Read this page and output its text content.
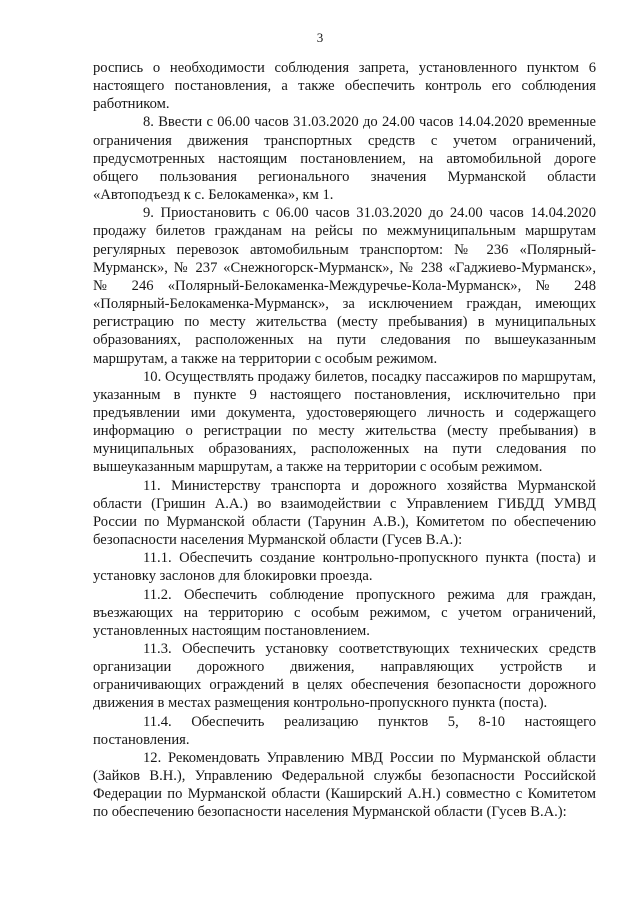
3

роспись о необходимости соблюдения запрета, установленного пунктом 6 настоящего постановления, а также обеспечить контроль его соблюдения работником.

8. Ввести с 06.00 часов 31.03.2020 до 24.00 часов 14.04.2020 временные ограничения движения транспортных средств с учетом ограничений, предусмотренных настоящим постановлением, на автомобильной дороге общего пользования регионального значения Мурманской области «Автоподъезд к с. Белокаменка», км 1.

9. Приостановить с 06.00 часов 31.03.2020 до 24.00 часов 14.04.2020 продажу билетов гражданам на рейсы по межмуниципальным маршрутам регулярных перевозок автомобильным транспортом: № 236 «Полярный-Мурманск», № 237 «Снежногорск-Мурманск», № 238 «Гаджиево-Мурманск», № 246 «Полярный-Белокаменка-Междуречье-Кола-Мурманск», № 248 «Полярный-Белокаменка-Мурманск», за исключением граждан, имеющих регистрацию по месту жительства (месту пребывания) в муниципальных образованиях, расположенных на пути следования по вышеуказанным маршрутам, а также на территории с особым режимом.

10. Осуществлять продажу билетов, посадку пассажиров по маршрутам, указанным в пункте 9 настоящего постановления, исключительно при предъявлении ими документа, удостоверяющего личность и содержащего информацию о регистрации по месту жительства (месту пребывания) в муниципальных образованиях, расположенных на пути следования по вышеуказанным маршрутам, а также на территории с особым режимом.

11. Министерству транспорта и дорожного хозяйства Мурманской области (Гришин А.А.) во взаимодействии с Управлением ГИБДД УМВД России по Мурманской области (Тарунин А.В.), Комитетом по обеспечению безопасности населения Мурманской области (Гусев В.А.):

11.1. Обеспечить создание контрольно-пропускного пункта (поста) и установку заслонов для блокировки проезда.

11.2. Обеспечить соблюдение пропускного режима для граждан, въезжающих на территорию с особым режимом, с учетом ограничений, установленных настоящим постановлением.

11.3. Обеспечить установку соответствующих технических средств организации дорожного движения, направляющих устройств и ограничивающих ограждений в целях обеспечения безопасности дорожного движения в местах размещения контрольно-пропускного пункта (поста).

11.4. Обеспечить реализацию пунктов 5, 8-10 настоящего постановления.

12. Рекомендовать Управлению МВД России по Мурманской области (Зайков В.Н.), Управлению Федеральной службы безопасности Российской Федерации по Мурманской области (Каширский А.Н.) совместно с Комитетом по обеспечению безопасности населения Мурманской области (Гусев В.А.):
